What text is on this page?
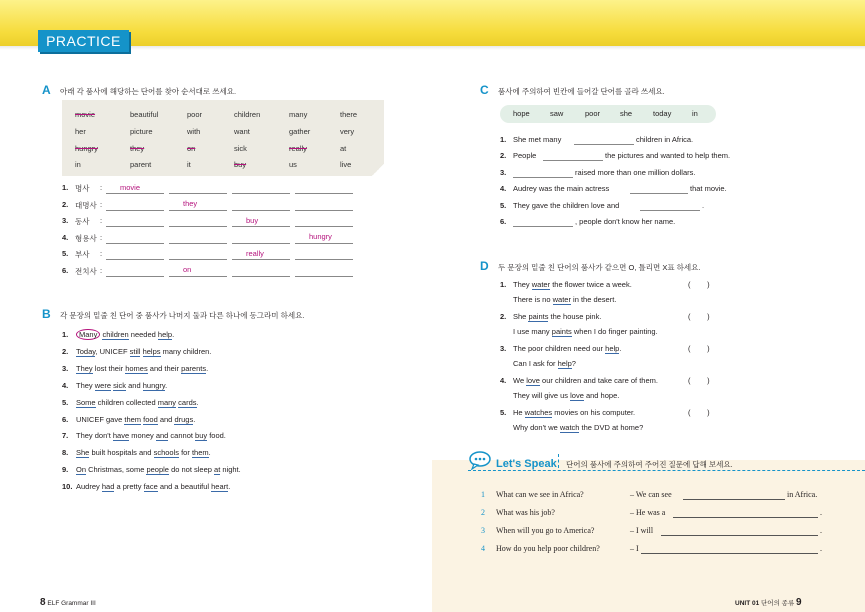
PRACTICE
A 아래 각 품사에 해당하는 단어를 찾아 순서대로 쓰세요.
movie	beautiful	poor	children	many	there
her	picture	with	want	gather	very
hungry	they	on	sick	really	at
in	parent	it	buy	us	live
1. 명사 : movie
2. 대명사 :	they
3. 동사 :	buy
4. 형용사 :	hungry
5. 부사 :	really
6. 전치사 :	on
B 각 문장의 밑줄 친 단어 중 품사가 나머지 둘과 다른 하나에 동그라미 하세요.
1.	Many children needed help.
2. Today, UNICEF still helps many children.
3. They lost their homes and their parents.
4. They were sick and hungry.
5. Some children collected many cards.
6. UNICEF gave them food and drugs.
7. They don't have money and cannot buy food.
8. She built hospitals and schools for them.
9. On Christmas, some people do not sleep at night.
10. Audrey had a pretty face and a beautiful heart.
C 품사에 주의하여 빈칸에 들어갈 단어를 골라 쓰세요.
hope	saw	poor	she	today	in
1. She met many	children in Africa.
2. People	the pictures and wanted to help them.
3.	raised more than one million dollars.
4. Audrey was the main actress	that movie.
5. They gave the children love and	.
6.	, people don't know her name.
D 두 문장의 밑줄 친 단어의 품사가 같으면 O, 틀리면 X표 하세요.
1. They water the flower twice a week.
There is no water in the desert.
(        )
2. She paints the house pink.
I use many paints when I do finger painting.
(        )
3. The poor children need our help.
Can I ask for help?
(        )
4. We love our children and take care of them.
They will give us love and hope.
(        )
5. He watches movies on his computer.
Why don't we watch the DVD at home?
(        )
Let's Speak 단어의 품사에 주의하여 주어진 질문에 답해 보세요.
1 What can we see in Africa?	– We can see	in Africa.
2 What was his job?	– He was a	.
3 When will you go to America?	– I will	.
4 How do you help poor children?	– I	.
8 ELF Grammar III	UNIT 01 단어의 종류 9
